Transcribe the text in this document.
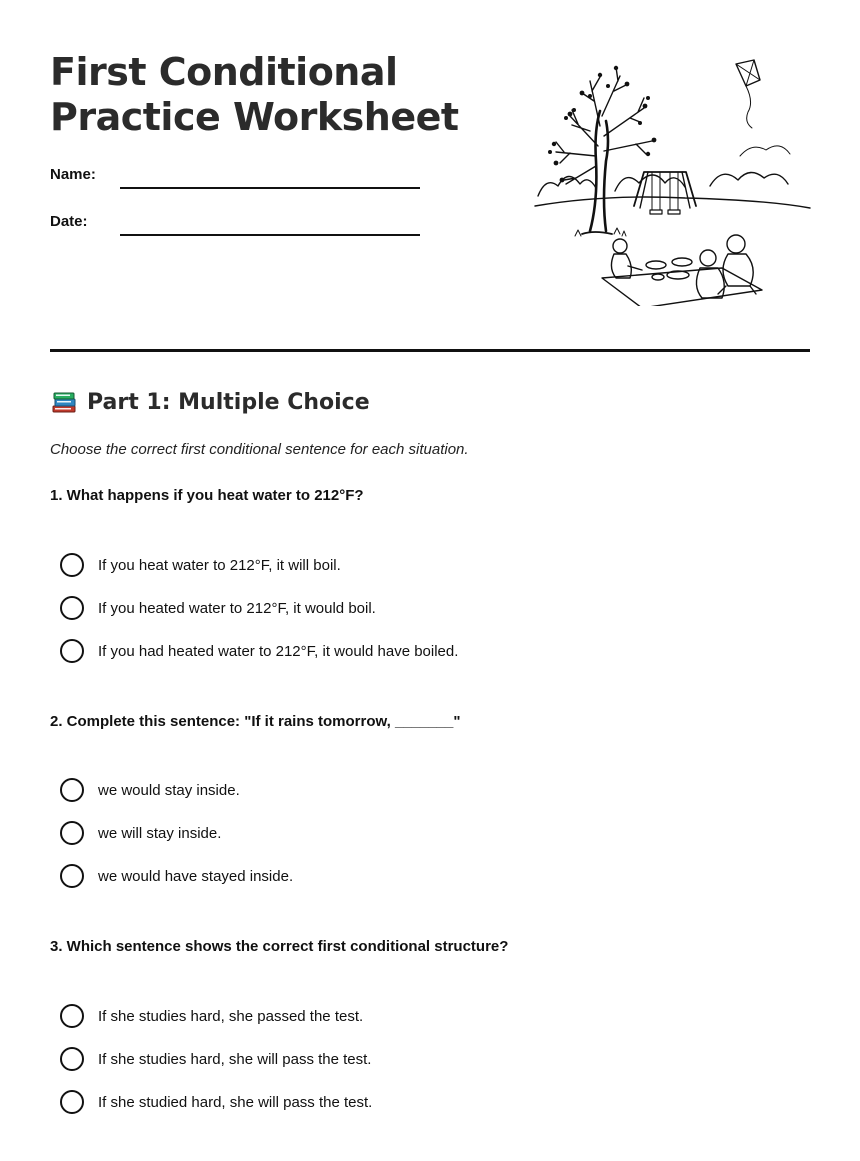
First Conditional
Practice Worksheet
Name:
Date:
Part 1: Multiple Choice

Choose the correct first conditional sentence for each situation.

1. What happens if you heat water to 212°F?
If you heat water to 212°F, it will boil.
If you heated water to 212°F, it would boil.
If you had heated water to 212°F, it would have boiled.
2. Complete this sentence: "If it rains tomorrow, _______"
we would stay inside.
we will stay inside.
we would have stayed inside.
3. Which sentence shows the correct first conditional structure?
If she studies hard, she passed the test.
If she studies hard, she will pass the test.
If she studied hard, she will pass the test.
